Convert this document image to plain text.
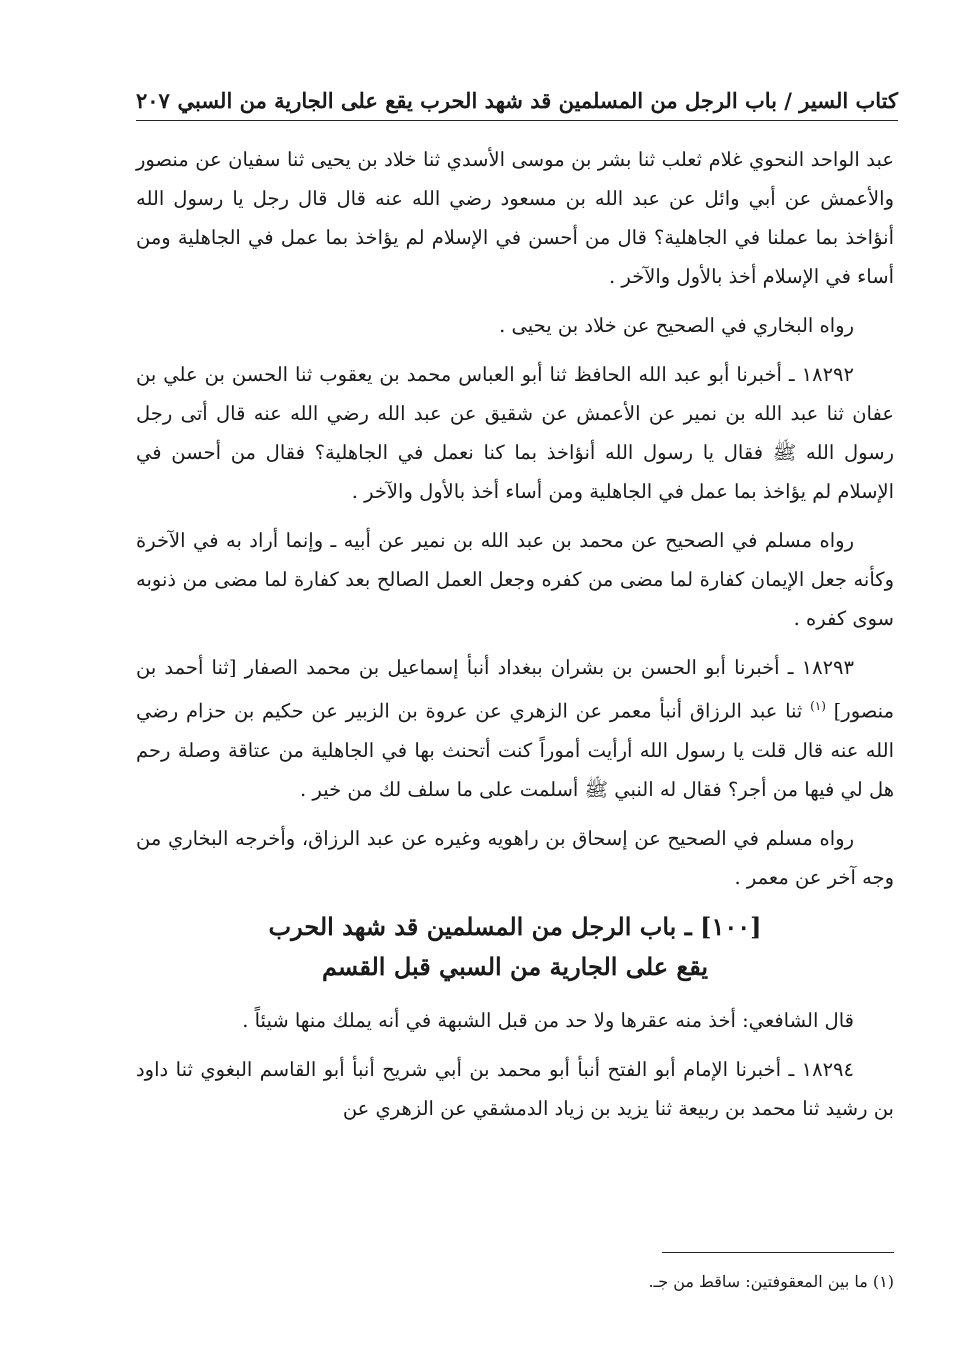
كتاب السير / باب الرجل من المسلمين قد شهد الحرب يقع على الجارية من السبي
٢٠٧

عبد الواحد النحوي غلام ثعلب ثنا بشر بن موسى الأسدي ثنا خلاد بن يحيى ثنا سفيان عن منصور والأعمش عن أبي وائل عن عبد الله بن مسعود رضي الله عنه قال قال رجل يا رسول الله أنؤاخذ بما عملنا في الجاهلية؟ قال من أحسن في الإسلام لم يؤاخذ بما عمل في الجاهلية ومن أساء في الإسلام أخذ بالأول والآخر .

رواه البخاري في الصحيح عن خلاد بن يحيى .

١٨٢٩٢ ـ أخبرنا أبو عبد الله الحافظ ثنا أبو العباس محمد بن يعقوب ثنا الحسن بن علي بن عفان ثنا عبد الله بن نمير عن الأعمش عن شقيق عن عبد الله رضي الله عنه قال أتى رجل رسول الله ﷺ فقال يا رسول الله أنؤاخذ بما كنا نعمل في الجاهلية؟ فقال من أحسن في الإسلام لم يؤاخذ بما عمل في الجاهلية ومن أساء أخذ بالأول والآخر .

رواه مسلم في الصحيح عن محمد بن عبد الله بن نمير عن أبيه ـ وإنما أراد به في الآخرة وكأنه جعل الإيمان كفارة لما مضى من كفره وجعل العمل الصالح بعد كفارة لما مضى من ذنوبه سوى كفره .

١٨٢٩٣ ـ أخبرنا أبو الحسن بن بشران ببغداد أنبأ إسماعيل بن محمد الصفار [ثنا أحمد بن منصور] $^{(١)}$ ثنا عبد الرزاق أنبأ معمر عن الزهري عن عروة بن الزبير عن حكيم بن حزام رضي الله عنه قال قلت يا رسول الله أرأيت أموراً كنت أتحنث بها في الجاهلية من عتاقة وصلة رحم هل لي فيها من أجر؟ فقال له النبي ﷺ أسلمت على ما سلف لك من خير .

رواه مسلم في الصحيح عن إسحاق بن راهويه وغيره عن عبد الرزاق، وأخرجه البخاري من وجه آخر عن معمر .

[١٠٠] ـ باب الرجل من المسلمين قد شهد الحرب
يقع على الجارية من السبي قبل القسم

قال الشافعي: أخذ منه عقرها ولا حد من قبل الشبهة في أنه يملك منها شيئاً .

١٨٢٩٤ ـ أخبرنا الإمام أبو الفتح أنبأ أبو محمد بن أبي شريح أنبأ أبو القاسم البغوي ثنا داود بن رشيد ثنا محمد بن ربيعة ثنا يزيد بن زياد الدمشقي عن الزهري عن

(١) ما بين المعقوفتين: ساقط من جـ.
